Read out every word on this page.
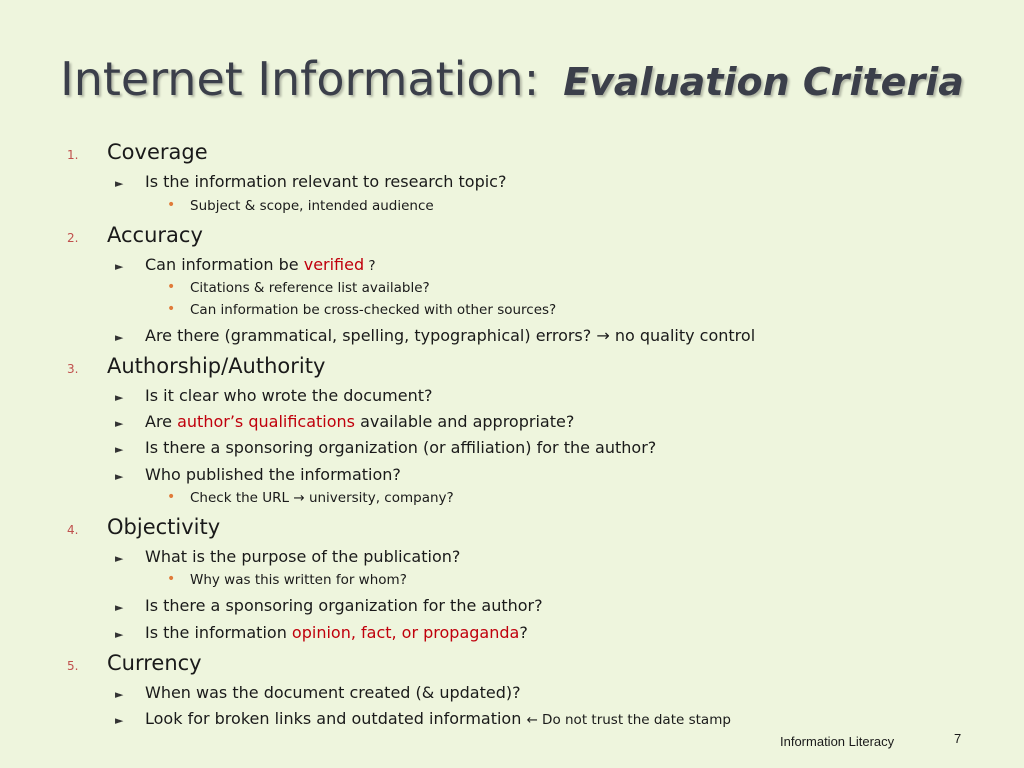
Internet Information: Evaluation Criteria
1. Coverage
► Is the information relevant to research topic?
• Subject & scope, intended audience
2. Accuracy
► Can information be verified ?
• Citations & reference list available?
• Can information be cross-checked with other sources?
► Are there (grammatical, spelling, typographical) errors? → no quality control
3. Authorship/Authority
► Is it clear who wrote the document?
► Are author’s qualifications available and appropriate?
► Is there a sponsoring organization (or affiliation) for the author?
► Who published the information?
• Check the URL → university, company?
4. Objectivity
► What is the purpose of the publication?
• Why was this written for whom?
► Is there a sponsoring organization for the author?
► Is the information opinion, fact, or propaganda?
5. Currency
► When was the document created (& updated)?
► Look for broken links and outdated information ← Do not trust the date stamp
Information Literacy	7
